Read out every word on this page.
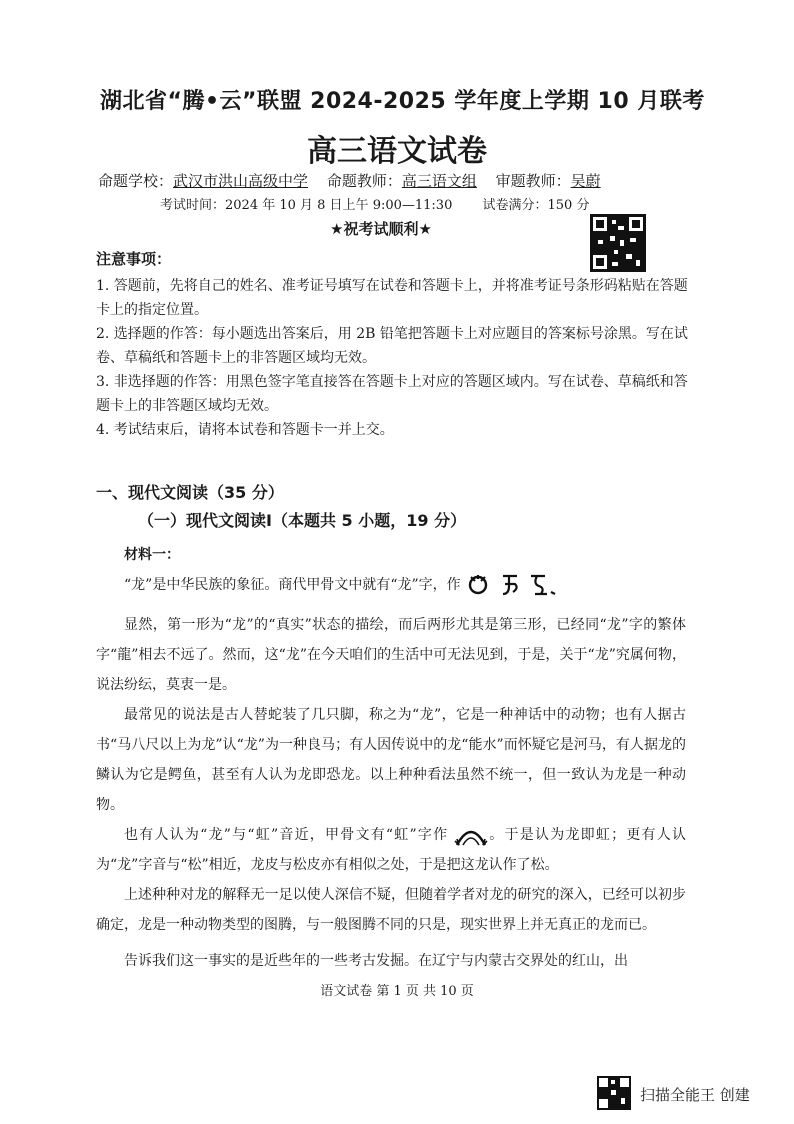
湖北省“腾•云”联盟 2024-2025 学年度上学期 10 月联考
高三语文试卷
命题学校：武汉市洪山高级中学 命题教师：高三语文组 审题教师：吴蔚
考试时间：2024 年 10 月 8 日上午 9:00—11:30 试卷满分：150 分
★祝考试顺利★
注意事项：
1. 答题前，先将自己的姓名、准考证号填写在试卷和答题卡上，并将准考证号条形码粘贴在答题卡上的指定位置。
2. 选择题的作答：每小题选出答案后，用 2B 铅笔把答题卡上对应题目的答案标号涂黑。写在试卷、草稿纸和答题卡上的非答题区域均无效。
3. 非选择题的作答：用黑色签字笔直接答在答题卡上对应的答题区域内。写在试卷、草稿纸和答题卡上的非答题区域均无效。
4. 考试结束后，请将本试卷和答题卡一并上交。
一、现代文阅读（35 分）
（一）现代文阅读Ⅰ（本题共 5 小题，19 分）
材料一：
“龙”是中华民族的象征。商代甲骨文中就有“龙”字，作
显然，第一形为“龙”的“真实”状态的描绘，而后两形尤其是第三形，已经同“龙”字的繁体字“龍”相去不远了。然而，这“龙”在今天咱们的生活中可无法见到，于是，关于“龙”究属何物，说法纷纭，莫衷一是。
最常见的说法是古人替蛇装了几只脚，称之为“龙”，它是一种神话中的动物；也有人据古书“马八尺以上为龙”认“龙”为一种良马；有人因传说中的龙“能水”而怀疑它是河马，有人据龙的鳞认为它是鳄鱼，甚至有人认为龙即恐龙。以上种种看法虽然不统一，但一致认为龙是一种动物。
也有人认为“龙”与“虹”音近，甲骨文有“虹”字作	。于是认为龙即虹；更有人认为“龙”字音与“松”相近，龙皮与松皮亦有相似之处，于是把这龙认作了松。
上述种种对龙的解释无一足以使人深信不疑，但随着学者对龙的研究的深入，已经可以初步确定，龙是一种动物类型的图腾，与一般图腾不同的只是，现实世界上并无真正的龙而已。
告诉我们这一事实的是近些年的一些考古发掘。在辽宁与内蒙古交界处的红山，出
语文试卷 第 1 页 共 10 页
扫描全能王 创建
